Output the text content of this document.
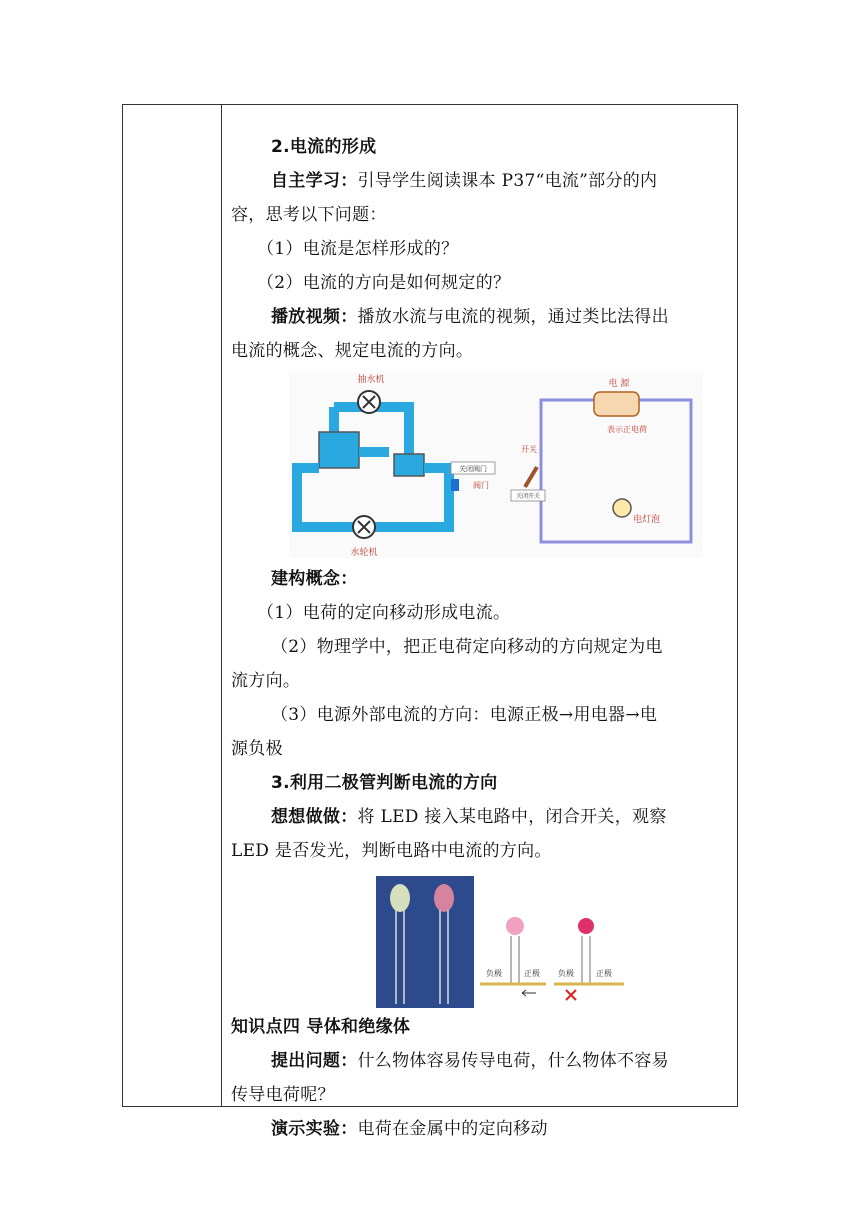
2.电流的形成

自主学习：引导学生阅读课本 P37“电流”部分的内

容，思考以下问题：

（1）电流是怎样形成的？

（2）电流的方向是如何规定的？

播放视频：播放水流与电流的视频，通过类比法得出

电流的概念、规定电流的方向。

抽水机
水轮机
关闭阀门
阀门
电 源
表示正电荷
开关
关闭开关
电灯泡

建构概念：

（1）电荷的定向移动形成电流。

（2）物理学中，把正电荷定向移动的方向规定为电

流方向。

（3）电源外部电流的方向：电源正极→用电器→电

源负极

3.利用二极管判断电流的方向

想想做做：将 LED 接入某电路中，闭合开关，观察

LED 是否发光，判断电路中电流的方向。

负极	正极 负极	正极

知识点四 导体和绝缘体

提出问题：什么物体容易传导电荷，什么物体不容易

传导电荷呢？

演示实验：电荷在金属中的定向移动
